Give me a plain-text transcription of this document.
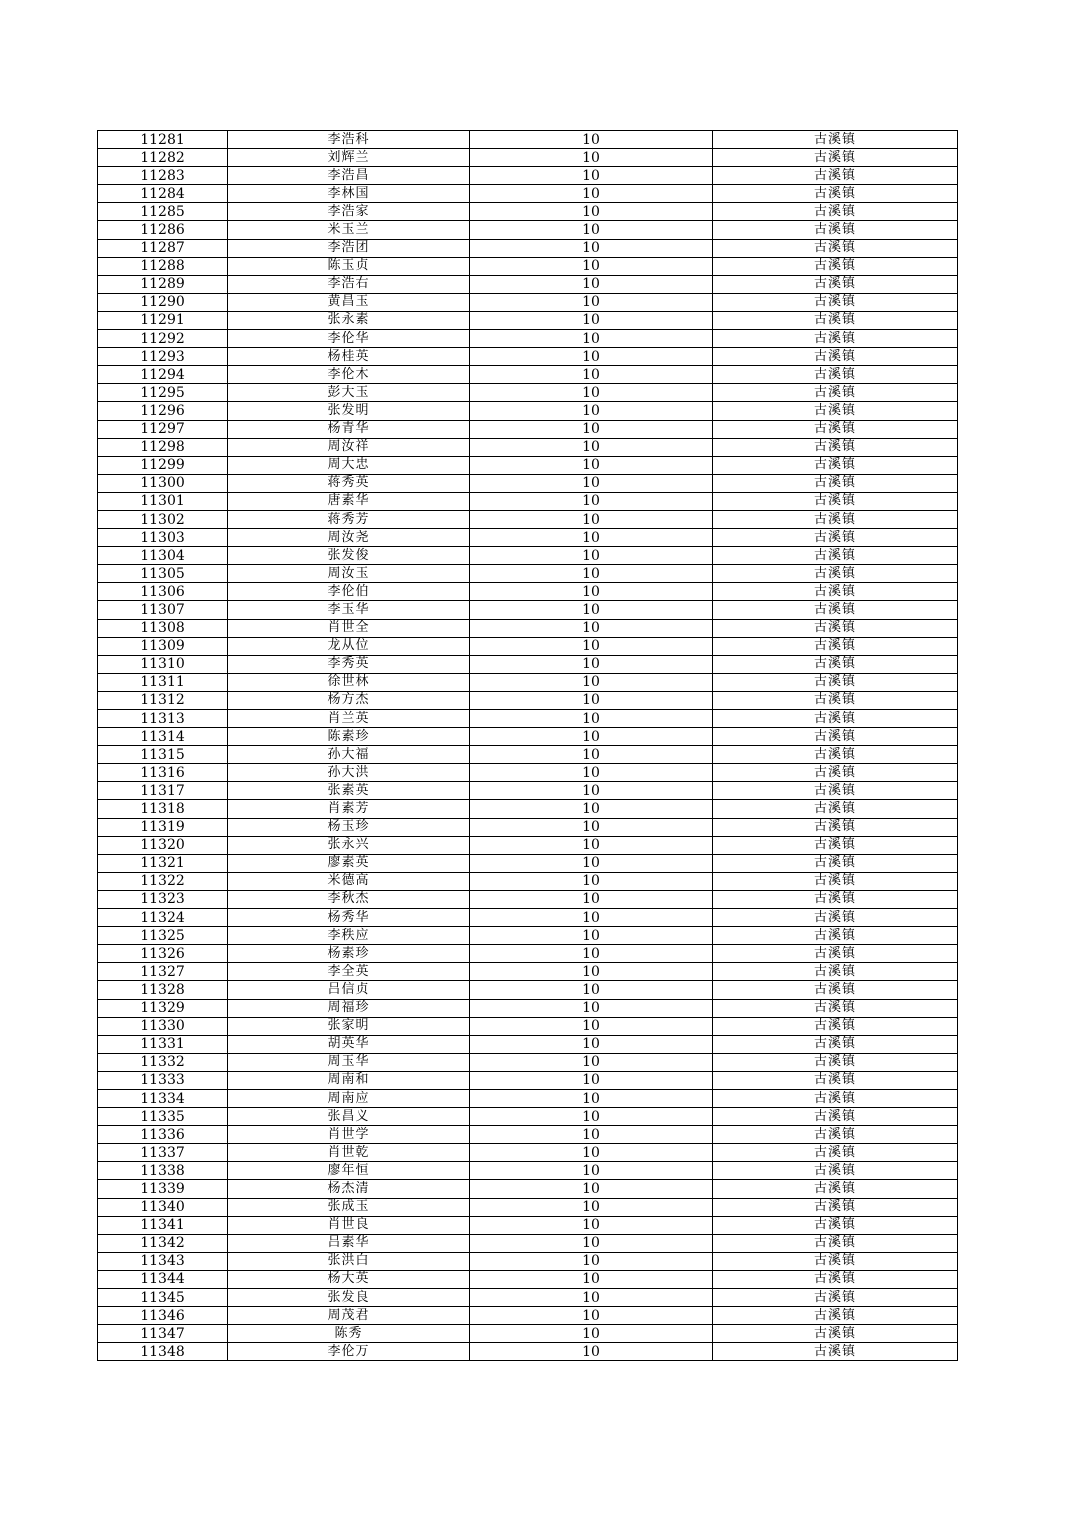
11281	李浩科	10	古溪镇
11282	刘辉兰	10	古溪镇
11283	李浩昌	10	古溪镇
11284	李林国	10	古溪镇
11285	李浩家	10	古溪镇
11286	米玉兰	10	古溪镇
11287	李浩团	10	古溪镇
11288	陈玉贞	10	古溪镇
11289	李浩右	10	古溪镇
11290	黄昌玉	10	古溪镇
11291	张永素	10	古溪镇
11292	李伦华	10	古溪镇
11293	杨桂英	10	古溪镇
11294	李伦木	10	古溪镇
11295	彭大玉	10	古溪镇
11296	张发明	10	古溪镇
11297	杨青华	10	古溪镇
11298	周汝祥	10	古溪镇
11299	周大忠	10	古溪镇
11300	蒋秀英	10	古溪镇
11301	唐素华	10	古溪镇
11302	蒋秀芳	10	古溪镇
11303	周汝尧	10	古溪镇
11304	张发俊	10	古溪镇
11305	周汝玉	10	古溪镇
11306	李伦伯	10	古溪镇
11307	李玉华	10	古溪镇
11308	肖世全	10	古溪镇
11309	龙从位	10	古溪镇
11310	李秀英	10	古溪镇
11311	徐世林	10	古溪镇
11312	杨方杰	10	古溪镇
11313	肖兰英	10	古溪镇
11314	陈素珍	10	古溪镇
11315	孙大福	10	古溪镇
11316	孙大洪	10	古溪镇
11317	张素英	10	古溪镇
11318	肖素芳	10	古溪镇
11319	杨玉珍	10	古溪镇
11320	张永兴	10	古溪镇
11321	廖素英	10	古溪镇
11322	米德高	10	古溪镇
11323	李秋杰	10	古溪镇
11324	杨秀华	10	古溪镇
11325	李秩应	10	古溪镇
11326	杨素珍	10	古溪镇
11327	李全英	10	古溪镇
11328	吕信贞	10	古溪镇
11329	周福珍	10	古溪镇
11330	张家明	10	古溪镇
11331	胡英华	10	古溪镇
11332	周玉华	10	古溪镇
11333	周南和	10	古溪镇
11334	周南应	10	古溪镇
11335	张昌义	10	古溪镇
11336	肖世学	10	古溪镇
11337	肖世乾	10	古溪镇
11338	廖年恒	10	古溪镇
11339	杨杰清	10	古溪镇
11340	张成玉	10	古溪镇
11341	肖世良	10	古溪镇
11342	吕素华	10	古溪镇
11343	张洪白	10	古溪镇
11344	杨大英	10	古溪镇
11345	张发良	10	古溪镇
11346	周茂君	10	古溪镇
11347	陈秀	10	古溪镇
11348	李伦万	10	古溪镇
